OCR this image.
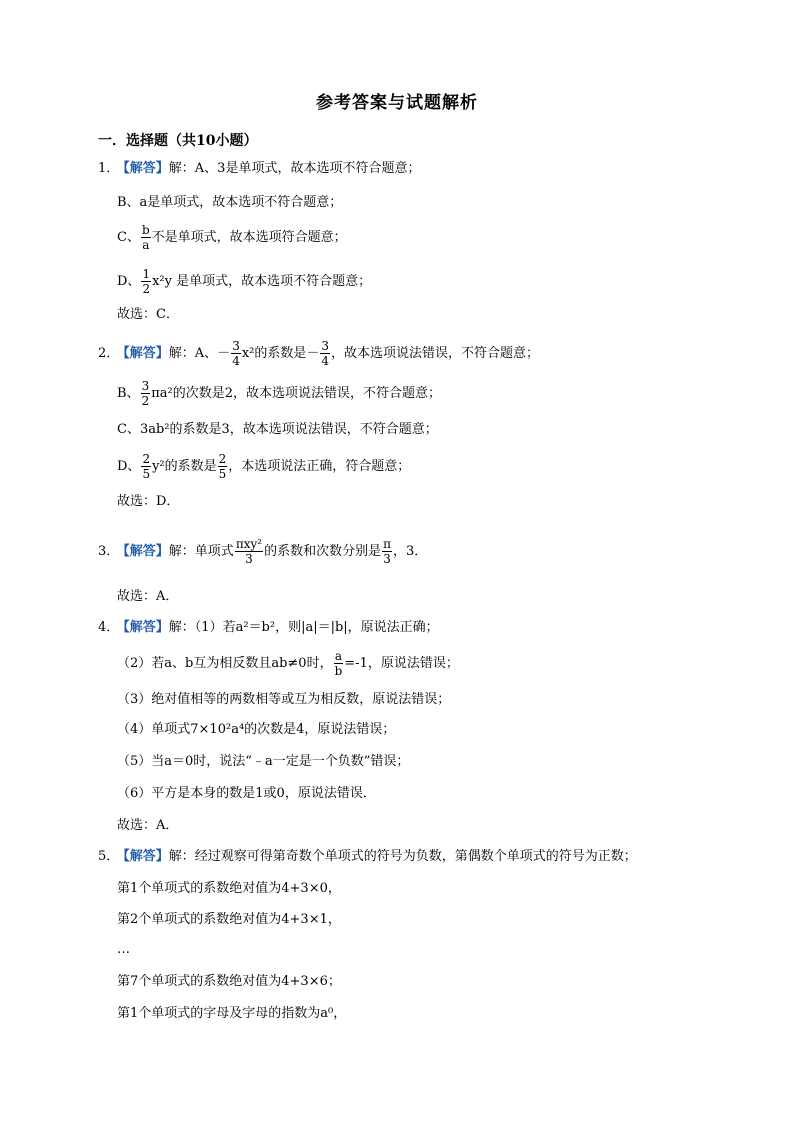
参考答案与试题解析
一．选择题（共10小题）
1． 【解答】解：A、3是单项式，故本选项不符合题意；
B、a是单项式，故本选项不符合题意；
C、 $\frac{b}{a}$ 不是单项式，故本选项符合题意；
D、 $\frac{1}{2} x^2y$ 是单项式，故本选项不符合题意；
故选：C．
2． 【解答】解：A、－ $\frac{3}{4} x^2$的系数是－ $\frac{3}{4}$ ，故本选项说法错误，不符合题意；
B、 $\frac{3}{2} \pi a^2$的次数是2，故本选项说法错误，不符合题意；
C、3ab²的系数是3，故本选项说法错误，不符合题意；
D、 $\frac{2}{5} y^2$的系数是 $\frac{2}{5}$ ，本选项说法正确，符合题意；
故选：D．
3． 【解答】解：单项式 $\frac{\text{πxy²}}{3}$ 的系数和次数分别是 $\frac{\pi}{3}$ ，3．
故选：A．
4． 【解答】解：（1）若a²＝b²，则|a|＝|b|，原说法正确；
（2）若a、b互为相反数且ab≠0时， $\frac{a}{b} =-1$，原说法错误；
（3）绝对值相等的两数相等或互为相反数，原说法错误；
（4）单项式7×10²a⁴的次数是4，原说法错误；
（5）当a＝0时，说法“﹣a一定是一个负数”错误；
（6）平方是本身的数是1或0，原说法错误．
故选：A．
5． 【解答】解：经过观察可得第奇数个单项式的符号为负数，第偶数个单项式的符号为正数；
第1个单项式的系数绝对值为4+3×0，
第2个单项式的系数绝对值为4+3×1，
…
第7个单项式的系数绝对值为4+3×6；
第1个单项式的字母及字母的指数为a⁰，
